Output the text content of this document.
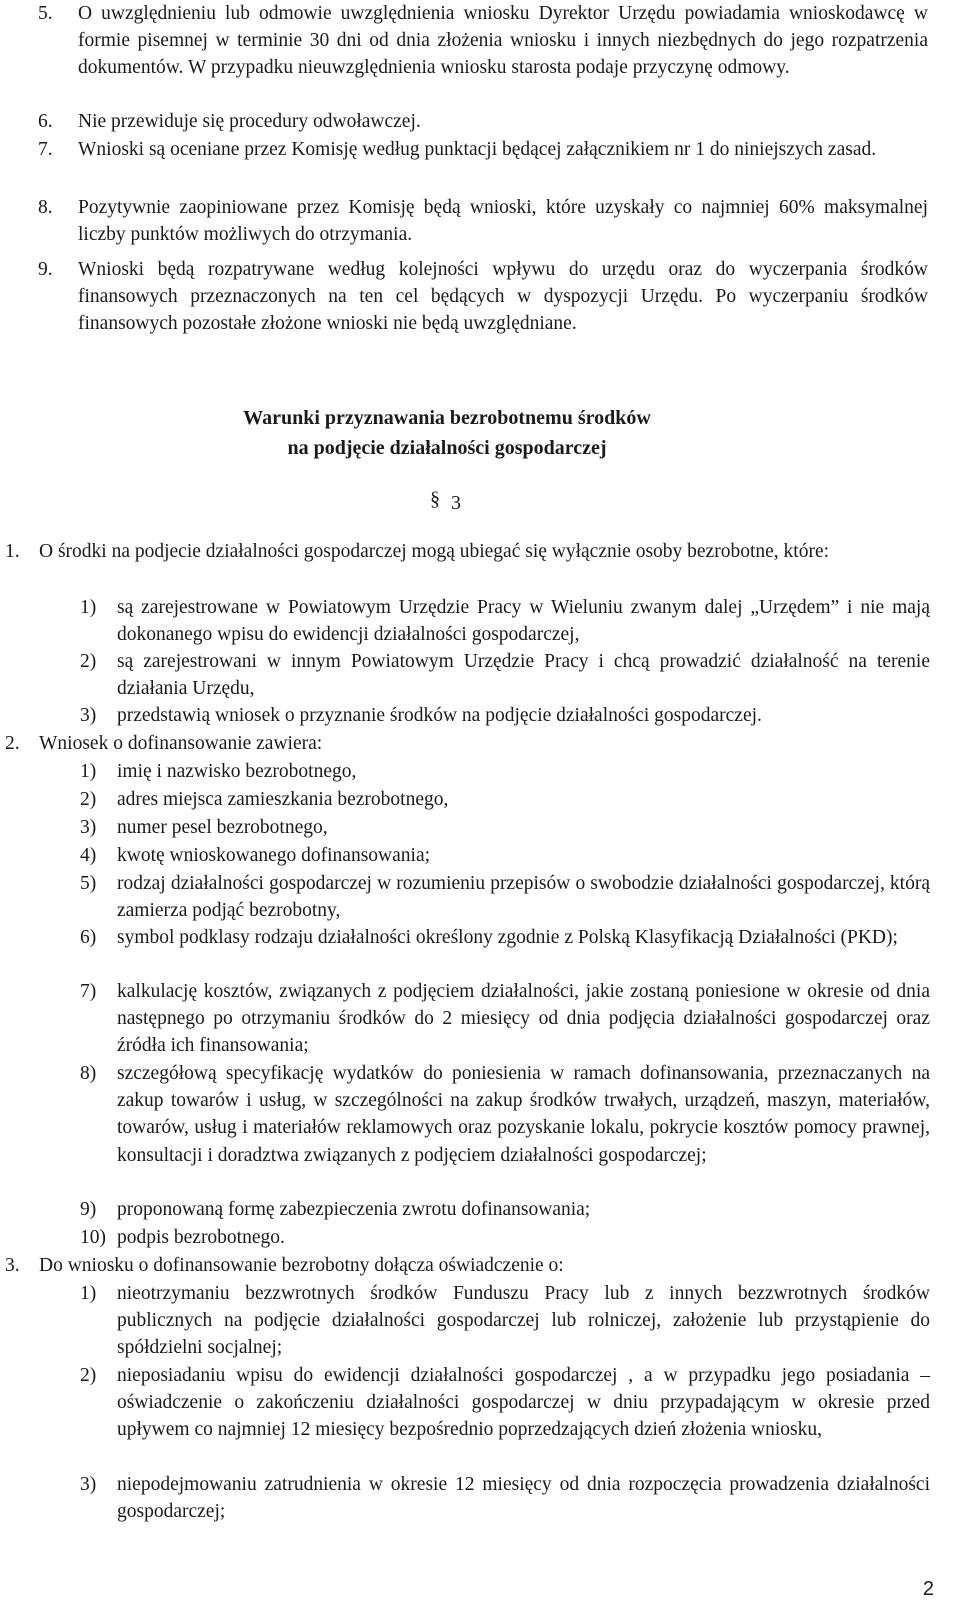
5.	O uwzględnieniu lub odmowie uwzględnienia wniosku Dyrektor Urzędu powiadamia wnioskodawcę w formie pisemnej w terminie 30 dni od dnia złożenia wniosku i innych niezbędnych do jego rozpatrzenia dokumentów. W przypadku nieuwzględnienia wniosku starosta podaje przyczynę odmowy.
6.	Nie przewiduje się procedury odwoławczej.
7.	Wnioski są oceniane przez Komisję według punktacji będącej załącznikiem nr 1 do niniejszych zasad.
8.	Pozytywnie zaopiniowane przez Komisję będą wnioski, które uzyskały co najmniej 60% maksymalnej liczby punktów możliwych do otrzymania.
9.	Wnioski będą rozpatrywane według kolejności wpływu do urzędu oraz do wyczerpania środków finansowych przeznaczonych na ten cel będących w dyspozycji Urzędu. Po wyczerpaniu środków finansowych pozostałe złożone wnioski nie będą uwzględniane.
Warunki przyznawania bezrobotnemu środków
na podjęcie działalności gospodarczej
§ 3
1. O środki na podjecie działalności gospodarczej mogą ubiegać się wyłącznie osoby bezrobotne, które:
1)	są zarejestrowane w Powiatowym Urzędzie Pracy w Wieluniu zwanym dalej „Urzędem” i nie mają dokonanego wpisu do ewidencji działalności gospodarczej,
2)	są zarejestrowani w innym Powiatowym Urzędzie Pracy i chcą prowadzić działalność na terenie działania Urzędu,
3)	przedstawią wniosek o przyznanie środków na podjęcie działalności gospodarczej.
2. Wniosek o dofinansowanie zawiera:
1)	imię i nazwisko bezrobotnego,
2)	adres miejsca zamieszkania bezrobotnego,
3)	numer pesel bezrobotnego,
4)	kwotę wnioskowanego dofinansowania;
5)	rodzaj działalności gospodarczej w rozumieniu przepisów o swobodzie działalności gospodarczej, którą zamierza podjąć bezrobotny,
6)	symbol podklasy rodzaju działalności określony zgodnie z Polską Klasyfikacją Działalności (PKD);
7)	kalkulację kosztów, związanych z podjęciem działalności, jakie zostaną poniesione w okresie od dnia następnego po otrzymaniu środków do 2 miesięcy od dnia podjęcia działalności gospodarczej oraz źródła ich finansowania;
8)	szczegółową specyfikację wydatków do poniesienia w ramach dofinansowania, przeznaczanych na zakup towarów i usług, w szczególności na zakup środków trwałych, urządzeń, maszyn, materiałów, towarów, usług i materiałów reklamowych oraz pozyskanie lokalu, pokrycie kosztów pomocy prawnej, konsultacji i doradztwa związanych z podjęciem działalności gospodarczej;
9)	proponowaną formę zabezpieczenia zwrotu dofinansowania;
10) podpis bezrobotnego.
3. Do wniosku o dofinansowanie bezrobotny dołącza oświadczenie o:
1)	nieotrzymaniu bezzwrotnych środków Funduszu Pracy lub z innych bezzwrotnych środków publicznych na podjęcie działalności gospodarczej lub rolniczej, założenie lub przystąpienie do spółdzielni socjalnej;
2)	nieposiadaniu wpisu do ewidencji działalności gospodarczej , a w przypadku jego posiadania – oświadczenie o zakończeniu działalności gospodarczej w dniu przypadającym w okresie przed upływem co najmniej 12 miesięcy bezpośrednio poprzedzających dzień złożenia wniosku,
3)	niepodejmowaniu zatrudnienia w okresie 12 miesięcy od dnia rozpoczęcia prowadzenia działalności gospodarczej;
2
